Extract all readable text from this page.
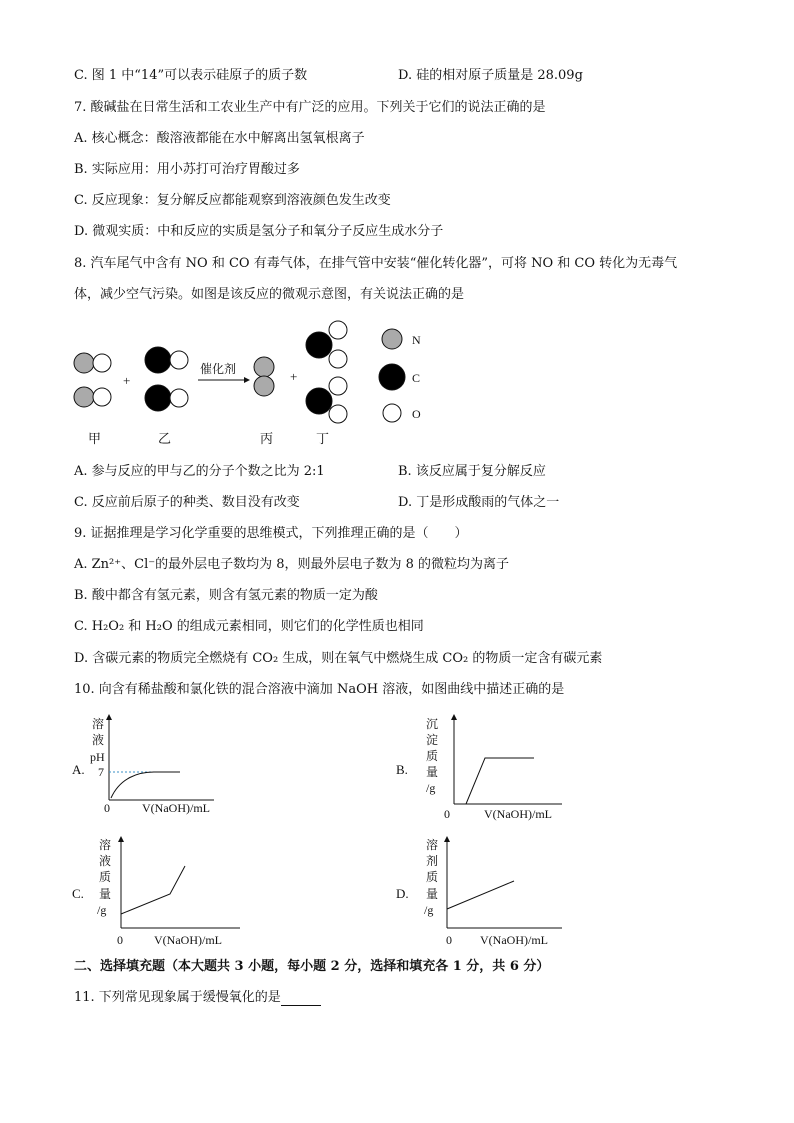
C. 图 1 中“14”可以表示硅原子的质子数	D. 硅的相对原子质量是 28.09g
7. 酸碱盐在日常生活和工农业生产中有广泛的应用。下列关于它们的说法正确的是
A. 核心概念：酸溶液都能在水中解离出氢氧根离子
B. 实际应用：用小苏打可治疗胃酸过多
C. 反应现象：复分解反应都能观察到溶液颜色发生改变
D. 微观实质：中和反应的实质是氢分子和氧分子反应生成水分子
8. 汽车尾气中含有 NO 和 CO 有毒气体，在排气管中安装“催化转化器”，可将 NO 和 CO 转化为无毒气
体，减少空气污染。如图是该反应的微观示意图，有关说法正确的是
催化剂
+	+
甲	乙	丙	丁
N
C
O
A. 参与反应的甲与乙的分子个数之比为 2:1	B. 该反应属于复分解反应
C. 反应前后原子的种类、数目没有改变	D. 丁是形成酸雨的气体之一
9. 证据推理是学习化学重要的思维模式，下列推理正确的是（　　）
A. Zn²⁺、Cl⁻的最外层电子数均为 8，则最外层电子数为 8 的微粒均为离子
B. 酸中都含有氢元素，则含有氢元素的物质一定为酸
C. H₂O₂ 和 H₂O 的组成元素相同，则它们的化学性质也相同
D. 含碳元素的物质完全燃烧有 CO₂ 生成，则在氧气中燃烧生成 CO₂ 的物质一定含有碳元素
10. 向含有稀盐酸和氯化铁的混合溶液中滴加 NaOH 溶液，如图曲线中描述正确的是
A.
溶
液
pH
7
0	V(NaOH)/mL
B.
沉
淀
质
量
/g
0	V(NaOH)/mL
C.
溶
液
质
量
/g
0	V(NaOH)/mL
D.
溶
剂
质
量
/g
0 V(NaOH)/mL
二、选择填充题（本大题共 3 小题，每小题 2 分，选择和填充各 1 分，共 6 分）
11. 下列常见现象属于缓慢氧化的是
